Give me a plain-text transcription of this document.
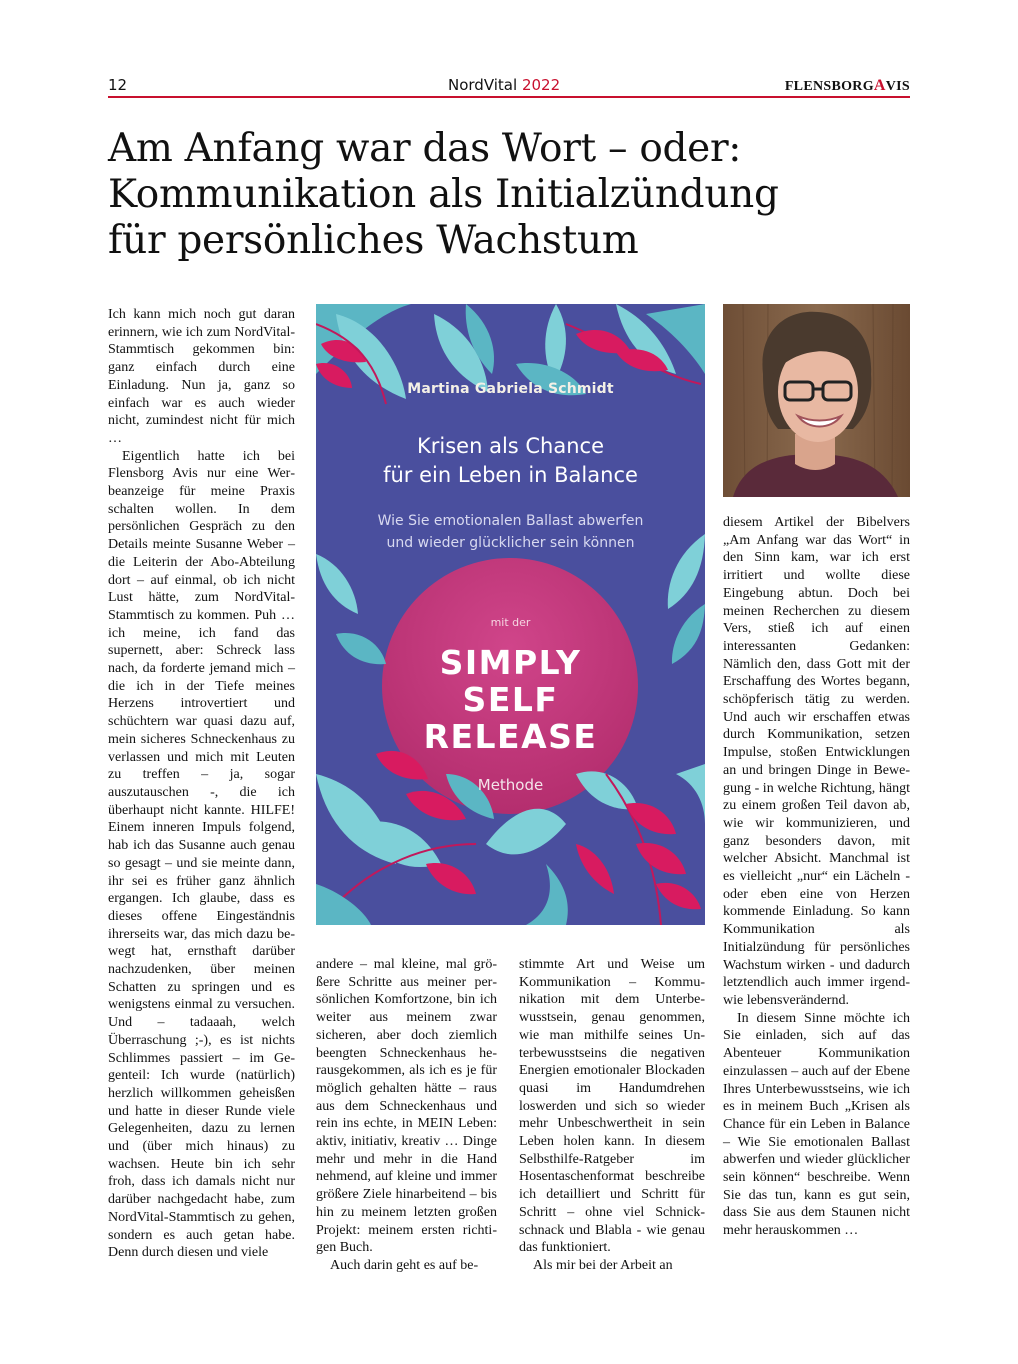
12	NordVital 2022	FLENSBORGAVIS
Am Anfang war das Wort – oder:
Kommunikation als Initialzündung
für persönliches Wachstum

Ich kann mich noch gut daran erinnern, wie ich zum NordVital-Stammtisch gekommen bin: ganz einfach durch eine Einladung. Nun ja, ganz so einfach war es auch wieder nicht, zumindest nicht für mich …

Eigentlich hatte ich bei Flensborg Avis nur eine Werbeanzeige für meine Praxis schalten wollen. In dem persönlichen Gespräch zu den Details meinte Susanne Weber – die Leiterin der Abo-Abteilung dort – auf einmal, ob ich nicht Lust hätte, zum NordVital-Stammtisch zu kommen. Puh … ich meine, ich fand das supernett, aber: Schreck lass nach, da forderte jemand mich – die ich in der Tiefe meines Herzens introvertiert und schüchtern war quasi dazu auf, mein sicheres Schneckenhaus zu verlassen und mich mit Leuten zu treffen – ja, sogar auszutauschen -, die ich überhaupt nicht kannte. HILFE! Einem inneren Impuls folgend, hab ich das Susanne auch genau so gesagt – und sie meinte dann, ihr sei es früher ganz ähnlich ergangen. Ich glaube, dass es dieses offene Eingeständnis ihrerseits war, das mich dazu bewegt hat, ernsthaft darüber nachzudenken, über meinen Schatten zu springen und es wenigstens einmal zu versuchen. Und – tadaaah, welch Überraschung ;-), es ist nichts Schlimmes passiert – im Gegenteil: Ich wurde (natürlich) herzlich willkommen geheisßen und hatte in dieser Runde viele Gelegenheiten, dazu zu lernen und (über mich hinaus) zu wachsen. Heute bin ich sehr froh, dass ich damals nicht nur darüber nachgedacht habe, zum NordVital-Stammtisch zu gehen, sondern es auch getan habe. Denn durch diesen und viele

andere – mal kleine, mal größere Schritte aus meiner persönlichen Komfortzone, bin ich weiter aus meinem zwar sicheren, aber doch ziemlich beengten Schneckenhaus herausgekommen, als ich es je für möglich gehalten hätte – raus aus dem Schneckenhaus und rein ins echte, in MEIN Leben: aktiv, initiativ, kreativ … Dinge mehr und mehr in die Hand nehmend, auf kleine und immer größere Ziele hinarbeitend – bis hin zu meinem letzten großen Projekt: meinem ersten richtigen Buch.

Auch darin geht es auf be-

stimmte Art und Weise um Kommunikation – Kommunikation mit dem Unterbewusstsein, genau genommen, wie man mithilfe seines Unterbewusstseins die negativen Energien emotionaler Blockaden quasi im Handumdrehen loswerden und sich so wieder mehr Unbeschwertheit in sein Leben holen kann. In diesem Selbsthilfe-Ratgeber im Hosentaschenformat beschreibe ich detailliert und Schritt für Schritt – ohne viel Schnickschnack und Blabla - wie genau das funktioniert.

Als mir bei der Arbeit an

diesem Artikel der Bibelvers „Am Anfang war das Wort“ in den Sinn kam, war ich erst irritiert und wollte diese Eingebung abtun. Doch bei meinen Recherchen zu diesem Vers, stieß ich auf einen interessanten Gedanken: Nämlich den, dass Gott mit der Erschaffung des Wortes begann, schöpferisch tätig zu werden. Und auch wir erschaffen etwas durch Kommunikation, setzen Impulse, stoßen Entwicklungen an und bringen Dinge in Bewegung - in welche Richtung, hängt zu einem großen Teil davon ab, wie wir kommunizieren, und ganz besonders davon, mit welcher Absicht. Manchmal ist es vielleicht „nur“ ein Lächeln - oder eben eine von Herzen kommende Einladung. So kann Kommunikation als Initialzündung für persönliches Wachstum wirken - und dadurch letztendlich auch immer irgendwie lebensverändernd.

In diesem Sinne möchte ich Sie einladen, sich auf das Abenteuer Kommunikation einzulassen – auch auf der Ebene Ihres Unterbewusstseins, wie ich es in meinem Buch „Krisen als Chance für ein Leben in Balance – Wie Sie emotionalen Ballast abwerfen und wieder glücklicher sein können“ beschreibe. Wenn Sie das tun, kann es gut sein, dass Sie aus dem Staunen nicht mehr herauskommen …

Martina Gabriela Schmidt
Krisen als Chance
für ein Leben in Balance
Wie Sie emotionalen Ballast abwerfen
und wieder glücklicher sein können
mit der
SIMPLY
SELF
RELEASE
Methode
